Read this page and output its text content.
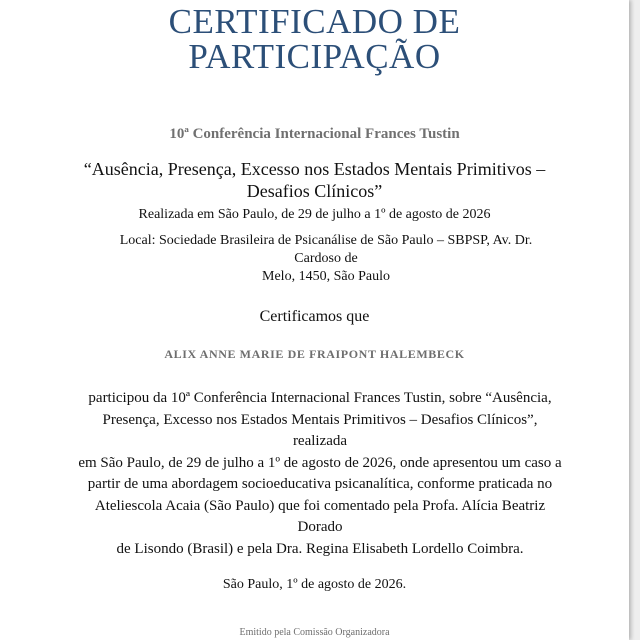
CERTIFICADO DE
PARTICIPAÇÃO
10ª Conferência Internacional Frances Tustin
“Ausência, Presença, Excesso nos Estados Mentais Primitivos –
Desafios Clínicos”
Realizada em São Paulo, de 29 de julho a 1º de agosto de 2026
Local: Sociedade Brasileira de Psicanálise de São Paulo – SBPSP, Av. Dr. Cardoso de
Melo, 1450, São Paulo
Certificamos que
ALIX ANNE MARIE DE FRAIPONT HALEMBECK
participou da 10ª Conferência Internacional Frances Tustin, sobre “Ausência,
Presença, Excesso nos Estados Mentais Primitivos – Desafios Clínicos”, realizada
em São Paulo, de 29 de julho a 1º de agosto de 2026, onde apresentou um caso a
partir de uma abordagem socioeducativa psicanalítica, conforme praticada no
Ateliescola Acaia (São Paulo) que foi comentado pela Profa. Alícia Beatriz Dorado
de Lisondo (Brasil) e pela Dra. Regina Elisabeth Lordello Coimbra.
São Paulo, 1º de agosto de 2026.
Emitido pela Comissão Organizadora
